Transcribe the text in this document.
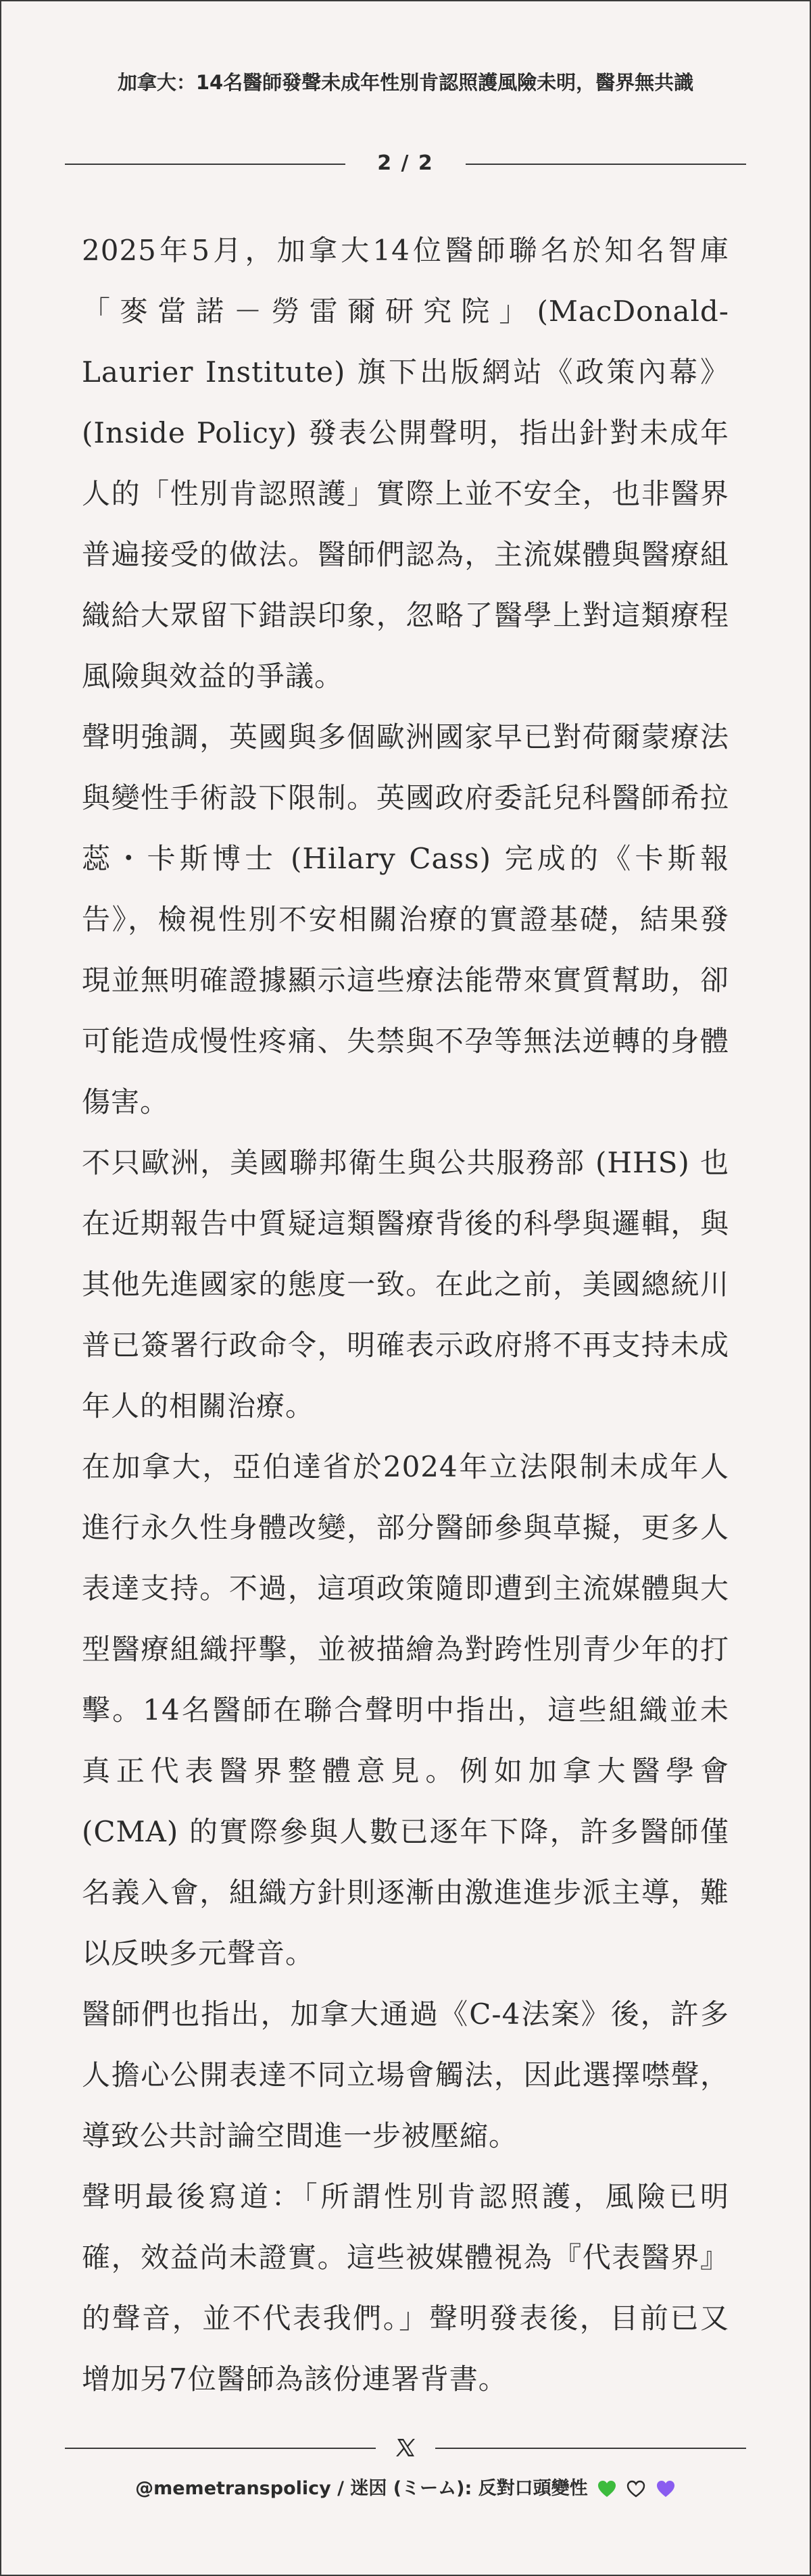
加拿大：14名醫師發聲未成年性別肯認照護風險未明，醫界無共識
2 / 2

2025年5月，加拿大14位醫師聯名於知名智庫「麥當諾－勞雷爾研究院」(MacDonald-Laurier Institute) 旗下出版網站《政策內幕》(Inside Policy) 發表公開聲明，指出針對未成年人的「性別肯認照護」實際上並不安全，也非醫界普遍接受的做法。醫師們認為，主流媒體與醫療組織給大眾留下錯誤印象，忽略了醫學上對這類療程風險與效益的爭議。

聲明強調，英國與多個歐洲國家早已對荷爾蒙療法與變性手術設下限制。英國政府委託兒科醫師希拉蕊・卡斯博士 (Hilary Cass) 完成的《卡斯報告》，檢視性別不安相關治療的實證基礎，結果發現並無明確證據顯示這些療法能帶來實質幫助，卻可能造成慢性疼痛、失禁與不孕等無法逆轉的身體傷害。

不只歐洲，美國聯邦衛生與公共服務部 (HHS) 也在近期報告中質疑這類醫療背後的科學與邏輯，與其他先進國家的態度一致。在此之前，美國總統川普已簽署行政命令，明確表示政府將不再支持未成年人的相關治療。

在加拿大，亞伯達省於2024年立法限制未成年人進行永久性身體改變，部分醫師參與草擬，更多人表達支持。不過，這項政策隨即遭到主流媒體與大型醫療組織抨擊，並被描繪為對跨性別青少年的打擊。14名醫師在聯合聲明中指出，這些組織並未真正代表醫界整體意見。例如加拿大醫學會 (CMA) 的實際參與人數已逐年下降，許多醫師僅名義入會，組織方針則逐漸由激進進步派主導，難以反映多元聲音。

醫師們也指出，加拿大通過《C-4法案》後，許多人擔心公開表達不同立場會觸法，因此選擇噤聲，導致公共討論空間進一步被壓縮。

聲明最後寫道：「所謂性別肯認照護，風險已明確，效益尚未證實。這些被媒體視為『代表醫界』的聲音，並不代表我們。」聲明發表後，目前已又增加另7位醫師為該份連署背書。

@memetranspolicy / 迷因 (ミーム): 反對口頭變性
